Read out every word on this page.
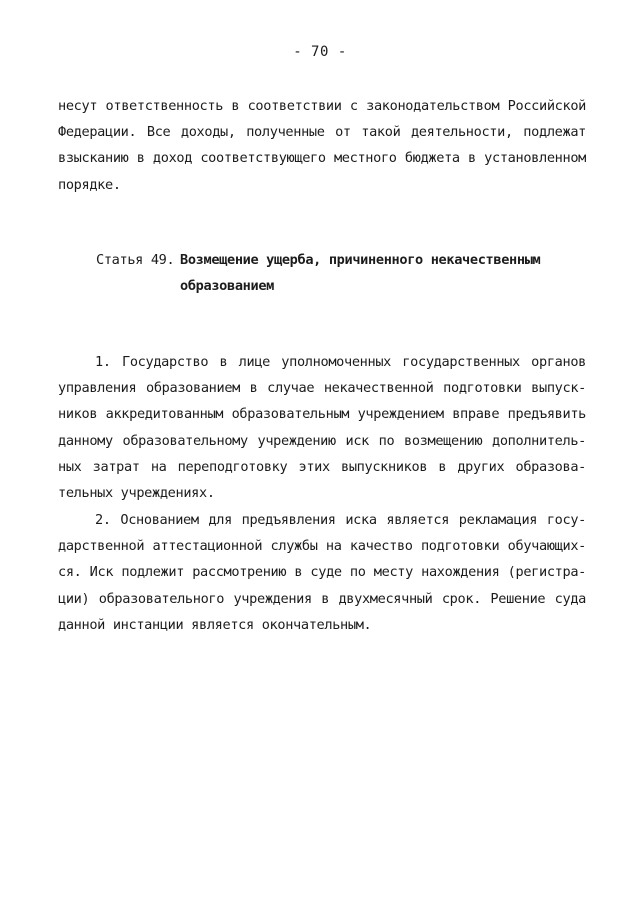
- 70 -
несут ответственность в соответствии с законодательством Российской
Федерации. Все доходы, полученные от такой деятельности, подлежат
взысканию в доход соответствующего местного бюджета в установленном
порядке.
Статья 49. Возмещение ущерба, причиненного некачественным
образованием
1. Государство в лице уполномоченных государственных органов
управления образованием в случае некачественной подготовки выпуск-
ников аккредитованным образовательным учреждением вправе предъявить
данному образовательному учреждению иск по возмещению дополнитель-
ных затрат на переподготовку этих выпускников в других образова-
тельных учреждениях.
2. Основанием для предъявления иска является рекламация госу-
дарственной аттестационной службы на качество подготовки обучающих-
ся. Иск подлежит рассмотрению в суде по месту нахождения (регистра-
ции) образовательного учреждения в двухмесячный срок. Решение суда
данной инстанции является окончательным.
